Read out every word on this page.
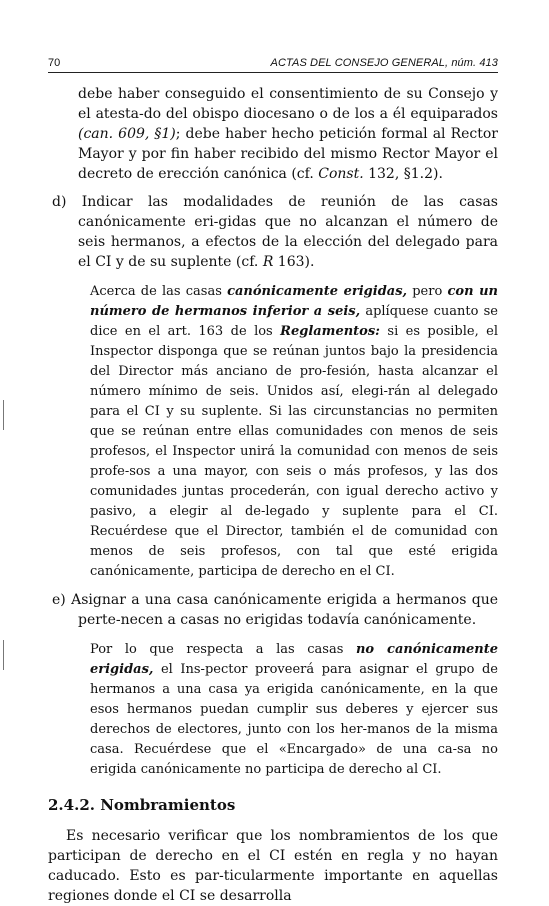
70	ACTAS DEL CONSEJO GENERAL, núm. 413

debe haber conseguido el consentimiento de su Consejo y el atesta-do del obispo diocesano o de los a él equiparados (can. 609, §1); debe haber hecho petición formal al Rector Mayor y por fin haber recibido del mismo Rector Mayor el decreto de erección canónica (cf. Const. 132, §1.2).

d) Indicar las modalidades de reunión de las casas canónicamente eri-gidas que no alcanzan el número de seis hermanos, a efectos de la elección del delegado para el CI y de su suplente (cf. R 163).
Acerca de las casas canónicamente erigidas, pero con un número de hermanos inferior a seis, aplíquese cuanto se dice en el art. 163 de los Reglamentos: si es posible, el Inspector disponga que se reúnan juntos bajo la presidencia del Director más anciano de pro-fesión, hasta alcanzar el número mínimo de seis. Unidos así, elegi-rán al delegado para el CI y su suplente. Si las circunstancias no permiten que se reúnan entre ellas comunidades con menos de seis profesos, el Inspector unirá la comunidad con menos de seis profe-sos a una mayor, con seis o más profesos, y las dos comunidades juntas procederán, con igual derecho activo y pasivo, a elegir al de-legado y suplente para el CI. Recuérdese que el Director, también el de comunidad con menos de seis profesos, con tal que esté erigida canónicamente, participa de derecho en el CI.
e) Asignar a una casa canónicamente erigida a hermanos que perte-necen a casas no erigidas todavía canónicamente.
Por lo que respecta a las casas no canónicamente erigidas, el Ins-pector proveerá para asignar el grupo de hermanos a una casa ya erigida canónicamente, en la que esos hermanos puedan cumplir sus deberes y ejercer sus derechos de electores, junto con los her-manos de la misma casa. Recuérdese que el «Encargado» de una ca-sa no erigida canónicamente no participa de derecho al CI.
2.4.2. Nombramientos
Es necesario verificar que los nombramientos de los que participan de derecho en el CI estén en regla y no hayan caducado. Esto es par-ticularmente importante en aquellas regiones donde el CI se desarrolla
